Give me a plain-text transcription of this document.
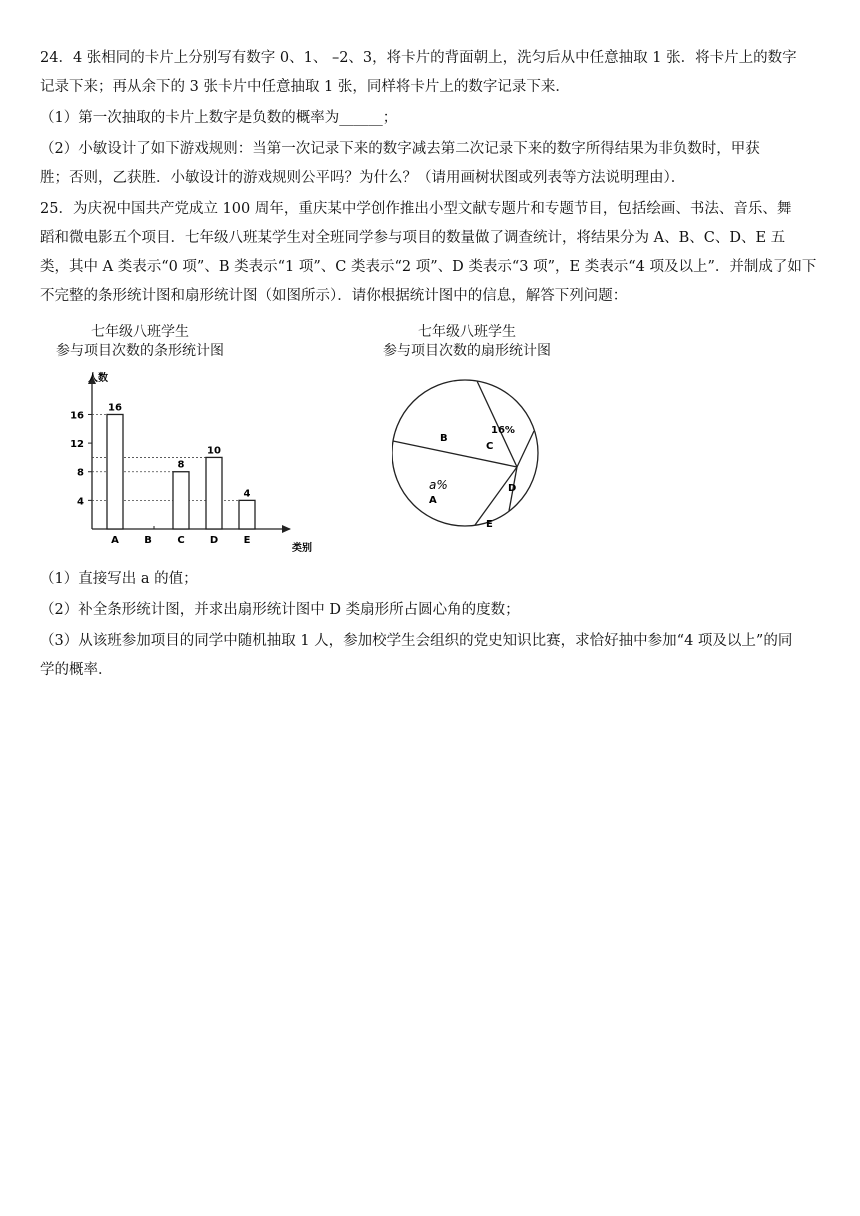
24．4 张相同的卡片上分别写有数字 0、1、 –2、3，将卡片的背面朝上，洗匀后从中任意抽取 1 张．将卡片上的数字
记录下来；再从余下的 3 张卡片中任意抽取 1 张，同样将卡片上的数字记录下来．
（1）第一次抽取的卡片上数字是负数的概率为______；
（2）小敏设计了如下游戏规则：当第一次记录下来的数字减去第二次记录下来的数字所得结果为非负数时，甲获
胜；否则，乙获胜．小敏设计的游戏规则公平吗？为什么？（请用画树状图或列表等方法说明理由）．
25．为庆祝中国共产党成立 100 周年，重庆某中学创作推出小型文献专题片和专题节目，包括绘画、书法、音乐、舞
蹈和微电影五个项目．七年级八班某学生对全班同学参与项目的数量做了调查统计，将结果分为 A、B、C、D、E 五
类，其中 A 类表示“0 项”、B 类表示“1 项”、C 类表示“2 项”、D 类表示“3 项”，E 类表示“4 项及以上”．并制成了如下
不完整的条形统计图和扇形统计图（如图所示）．请你根据统计图中的信息，解答下列问题：
七年级八班学生
参与项目次数的条形统计图
七年级八班学生
参与项目次数的扇形统计图
人数
类别
4
8
12
16
16
A	B
8
C
10
D
4
E
A
B
C
D
E
16%
a%
（1）直接写出 a 的值；
（2）补全条形统计图，并求出扇形统计图中 D 类扇形所占圆心角的度数；
（3）从该班参加项目的同学中随机抽取 1 人，参加校学生会组织的党史知识比赛，求恰好抽中参加“4 项及以上”的同
学的概率．
